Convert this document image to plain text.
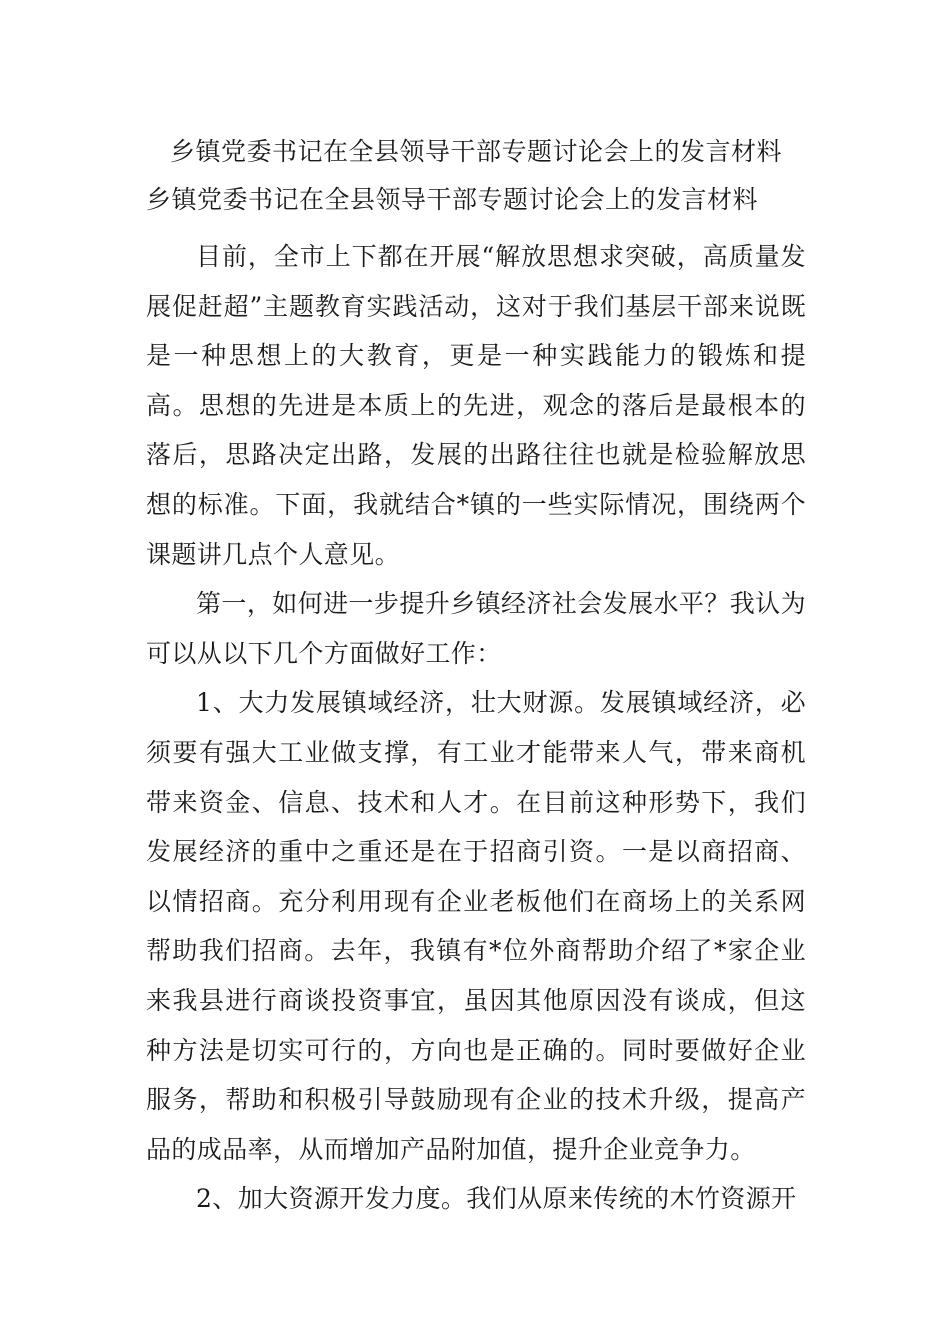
乡镇党委书记在全县领导干部专题讨论会上的发言材料
乡镇党委书记在全县领导干部专题讨论会上的发言材料

目前，全市上下都在开展“解放思想求突破，高质量发展促赶超”主题教育实践活动，这对于我们基层干部来说既是一种思想上的大教育，更是一种实践能力的锻炼和提高。思想的先进是本质上的先进，观念的落后是最根本的落后，思路决定出路，发展的出路往往也就是检验解放思想的标准。下面，我就结合*镇的一些实际情况，围绕两个课题讲几点个人意见。

第一，如何进一步提升乡镇经济社会发展水平？我认为可以从以下几个方面做好工作：

1、大力发展镇域经济，壮大财源。发展镇域经济，必须要有强大工业做支撑，有工业才能带来人气，带来商机带来资金、信息、技术和人才。在目前这种形势下，我们发展经济的重中之重还是在于招商引资。一是以商招商、以情招商。充分利用现有企业老板他们在商场上的关系网帮助我们招商。去年，我镇有*位外商帮助介绍了*家企业来我县进行商谈投资事宜，虽因其他原因没有谈成，但这种方法是切实可行的，方向也是正确的。同时要做好企业服务，帮助和积极引导鼓励现有企业的技术升级，提高产品的成品率，从而增加产品附加值，提升企业竞争力。

2、加大资源开发力度。我们从原来传统的木竹资源开
